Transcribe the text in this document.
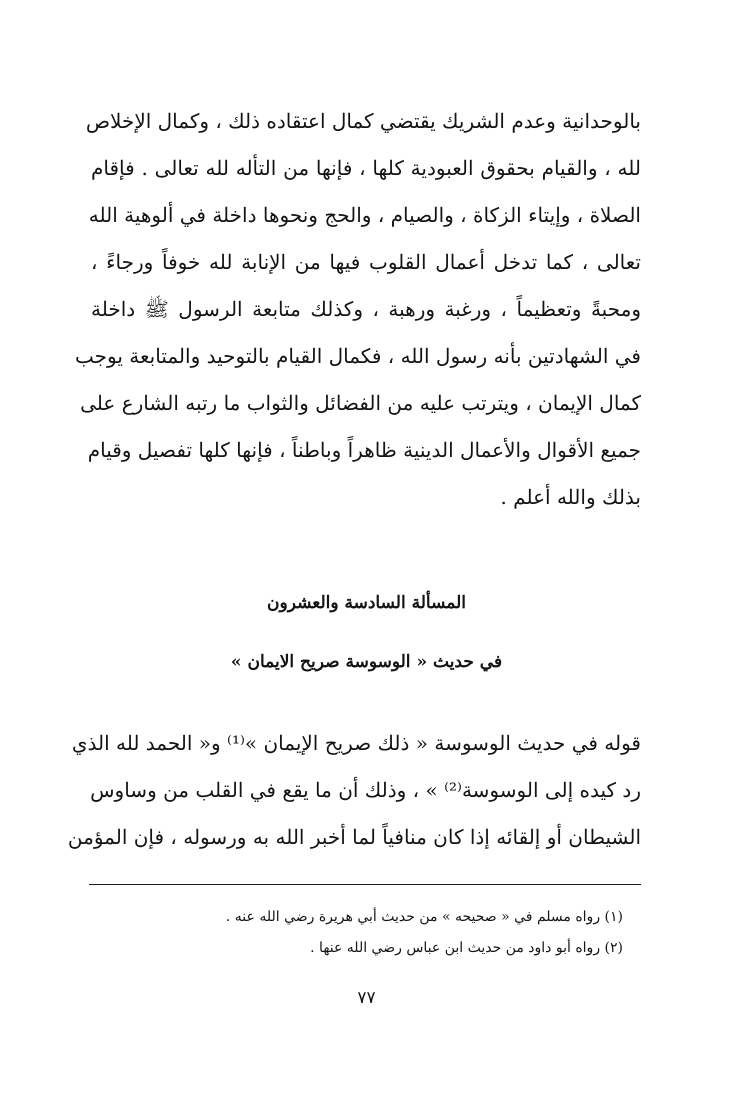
بالوحدانية وعدم الشريك يقتضي كمال اعتقاده ذلك ، وكمال الإخلاص
لله ، والقيام بحقوق العبودية كلها ، فإنها من التأله لله تعالى . فإقام
الصلاة ، وإيتاء الزكاة ، والصيام ، والحج ونحوها داخلة في ألوهية الله
تعالى ، كما تدخل أعمال القلوب فيها من الإنابة لله خوفاً ورجاءً ،
ومحبةً وتعظيماً ، ورغبة ورهبة ، وكذلك متابعة الرسول ﷺ داخلة
في الشهادتين بأنه رسول الله ، فكمال القيام بالتوحيد والمتابعة يوجب
كمال الإيمان ، ويترتب عليه من الفضائل والثواب ما رتبه الشارع على
جميع الأقوال والأعمال الدينية ظاهراً وباطناً ، فإنها كلها تفصيل وقيام
بذلك والله أعلم .
المسألة السادسة والعشرون
في حديث « الوسوسة صريح الايمان »
قوله في حديث الوسوسة « ذلك صريح الإيمان »⁽¹⁾ و« الحمد لله الذي
رد كيده إلى الوسوسة⁽²⁾ » ، وذلك أن ما يقع في القلب من وساوس
الشيطان أو إلقائه إذا كان منافياً لما أخبر الله به ورسوله ، فإن المؤمن
(١) رواه مسلم في « صحيحه » من حديث أبي هريرة رضي الله عنه .
(٢) رواه أبو داود من حديث ابن عباس رضي الله عنها .
٧٧
